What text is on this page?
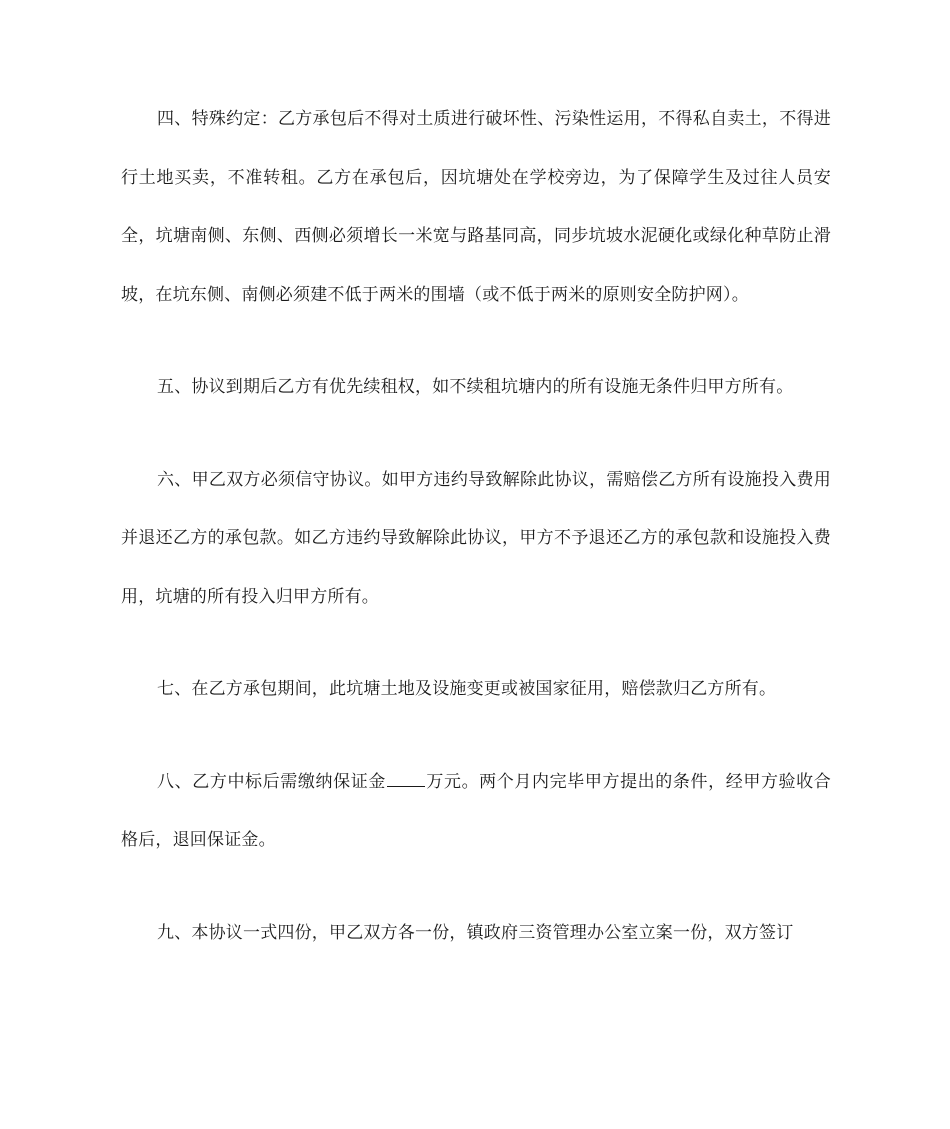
四、特殊约定：乙方承包后不得对土质进行破坏性、污染性运用，不得私自卖土，不得进行土地买卖，不准转租。乙方在承包后，因坑塘处在学校旁边，为了保障学生及过往人员安全，坑塘南侧、东侧、西侧必须增长一米宽与路基同高，同步坑坡水泥硬化或绿化种草防止滑坡，在坑东侧、南侧必须建不低于两米的围墙（或不低于两米的原则安全防护网）。

五、协议到期后乙方有优先续租权，如不续租坑塘内的所有设施无条件归甲方所有。

六、甲乙双方必须信守协议。如甲方违约导致解除此协议，需赔偿乙方所有设施投入费用并退还乙方的承包款。如乙方违约导致解除此协议，甲方不予退还乙方的承包款和设施投入费用，坑塘的所有投入归甲方所有。

七、在乙方承包期间，此坑塘土地及设施变更或被国家征用，赔偿款归乙方所有。

八、乙方中标后需缴纳保证金 万元。两个月内完毕甲方提出的条件，经甲方验收合格后，退回保证金。

九、本协议一式四份，甲乙双方各一份，镇政府三资管理办公室立案一份，双方签订
